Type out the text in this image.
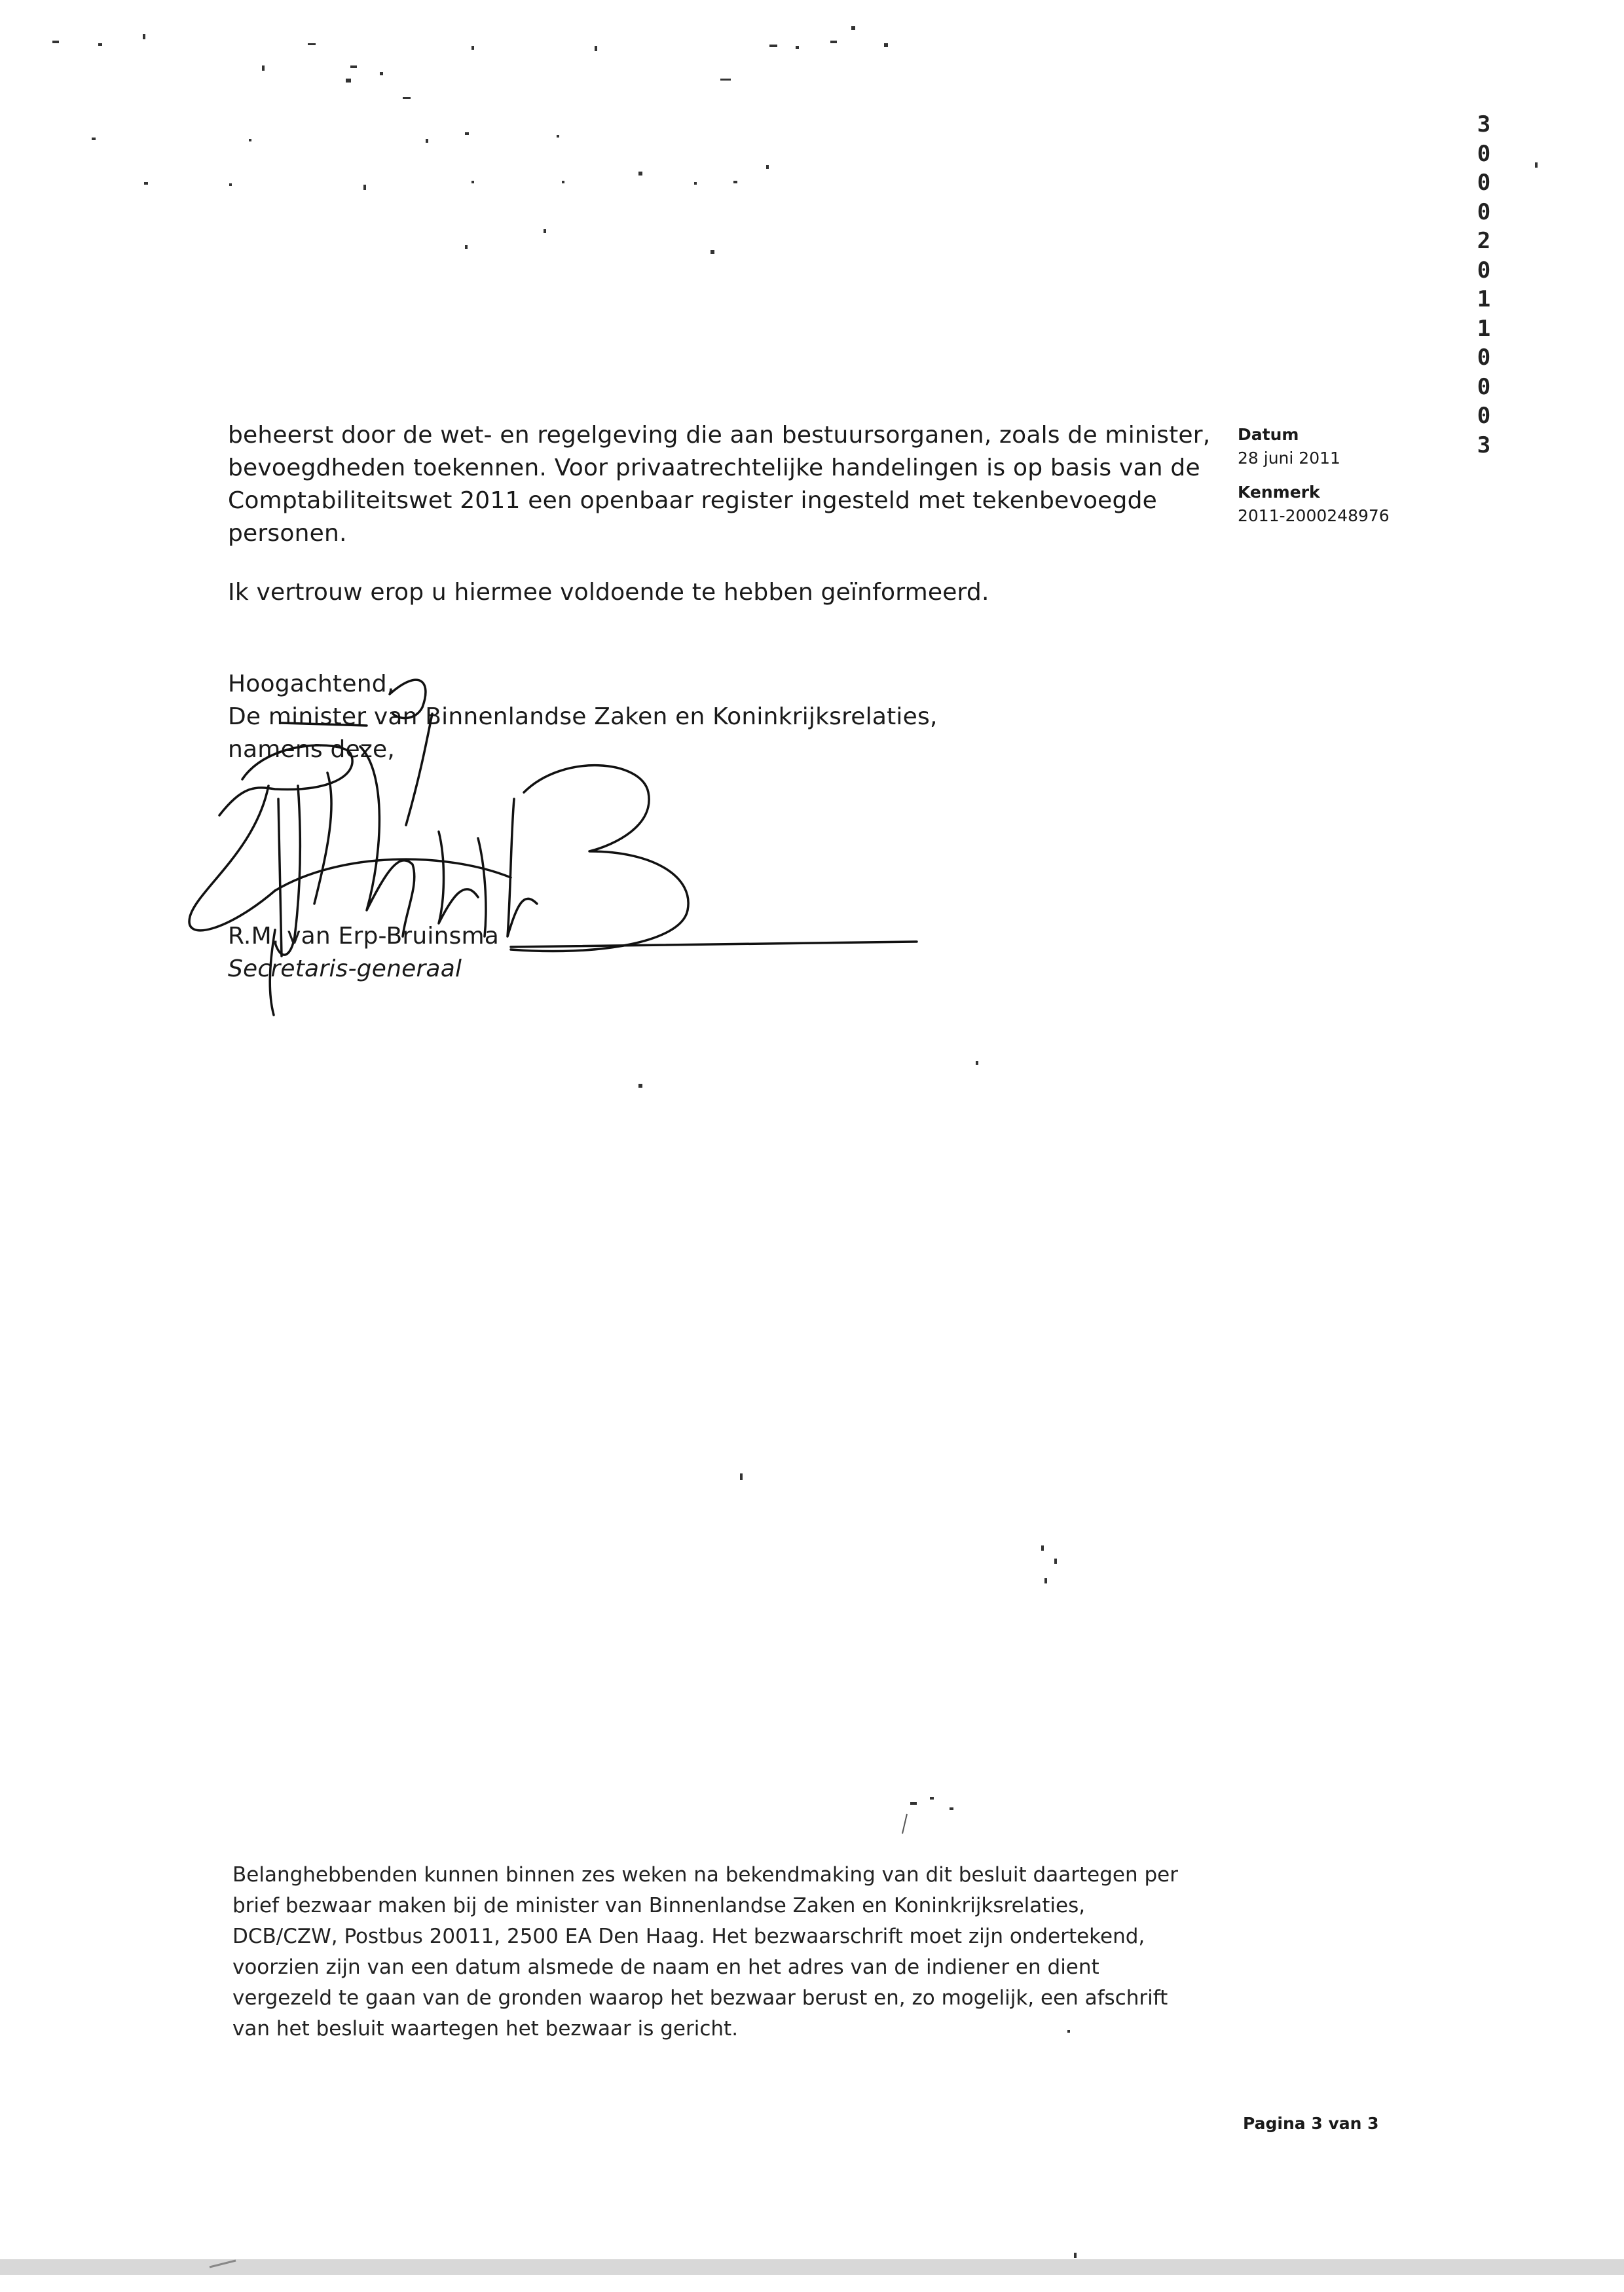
beheerst door de wet- en regelgeving die aan bestuursorganen, zoals de minister,
bevoegdheden toekennen. Voor privaatrechtelijke handelingen is op basis van de
Comptabiliteitswet 2011 een openbaar register ingesteld met tekenbevoegde
personen.
Ik vertrouw erop u hiermee voldoende te hebben geïnformeerd.
Hoogachtend,
De minister van Binnenlandse Zaken en Koninkrijksrelaties,
namens deze,
R.M. van Erp-Bruinsma
Secretaris-generaal
Datum
28 juni 2011
Kenmerk
2011-2000248976
3
0
0
0
2
0
1
1
0
0
0
3
Belanghebbenden kunnen binnen zes weken na bekendmaking van dit besluit daartegen per
brief bezwaar maken bij de minister van Binnenlandse Zaken en Koninkrijksrelaties,
DCB/CZW, Postbus 20011, 2500 EA Den Haag. Het bezwaarschrift moet zijn ondertekend,
voorzien zijn van een datum alsmede de naam en het adres van de indiener en dient
vergezeld te gaan van de gronden waarop het bezwaar berust en, zo mogelijk, een afschrift
van het besluit waartegen het bezwaar is gericht.
Pagina 3 van 3
